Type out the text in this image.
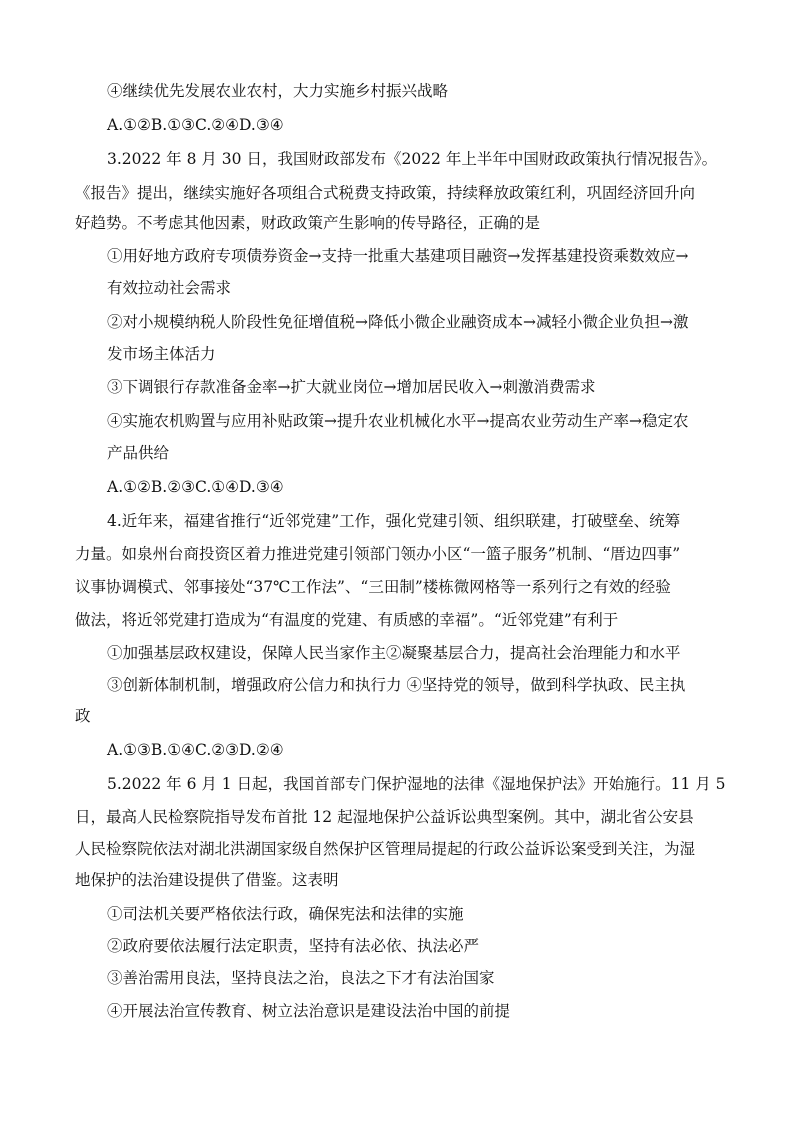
④继续优先发展农业农村，大力实施乡村振兴战略
A.①②B.①③C.②④D.③④
3.2022 年 8 月 30 日，我国财政部发布《2022 年上半年中国财政政策执行情况报告》。
《报告》提出，继续实施好各项组合式税费支持政策，持续释放政策红利，巩固经济回升向
好趋势。不考虑其他因素，财政政策产生影响的传导路径，正确的是
①用好地方政府专项债券资金→支持一批重大基建项目融资→发挥基建投资乘数效应→
有效拉动社会需求
②对小规模纳税人阶段性免征增值税→降低小微企业融资成本→减轻小微企业负担→激
发市场主体活力
③下调银行存款准备金率→扩大就业岗位→增加居民收入→刺激消费需求
④实施农机购置与应用补贴政策→提升农业机械化水平→提高农业劳动生产率→稳定农
产品供给
A.①②B.②③C.①④D.③④
4.近年来，福建省推行“近邻党建”工作，强化党建引领、组织联建，打破壁垒、统筹
力量。如泉州台商投资区着力推进党建引领部门领办小区“一篮子服务”机制、“厝边四事”
议事协调模式、邻事接处“37℃工作法”、“三田制”楼栋微网格等一系列行之有效的经验
做法，将近邻党建打造成为“有温度的党建、有质感的幸福”。“近邻党建”有利于
①加强基层政权建设，保障人民当家作主②凝聚基层合力，提高社会治理能力和水平
③创新体制机制，增强政府公信力和执行力 ④坚持党的领导，做到科学执政、民主执
政
A.①③B.①④C.②③D.②④
5.2022 年 6 月 1 日起，我国首部专门保护湿地的法律《湿地保护法》开始施行。11 月 5
日，最高人民检察院指导发布首批 12 起湿地保护公益诉讼典型案例。其中，湖北省公安县
人民检察院依法对湖北洪湖国家级自然保护区管理局提起的行政公益诉讼案受到关注，为湿
地保护的法治建设提供了借鉴。这表明
①司法机关要严格依法行政，确保宪法和法律的实施
②政府要依法履行法定职责，坚持有法必依、执法必严
③善治需用良法，坚持良法之治，良法之下才有法治国家
④开展法治宣传教育、树立法治意识是建设法治中国的前提
